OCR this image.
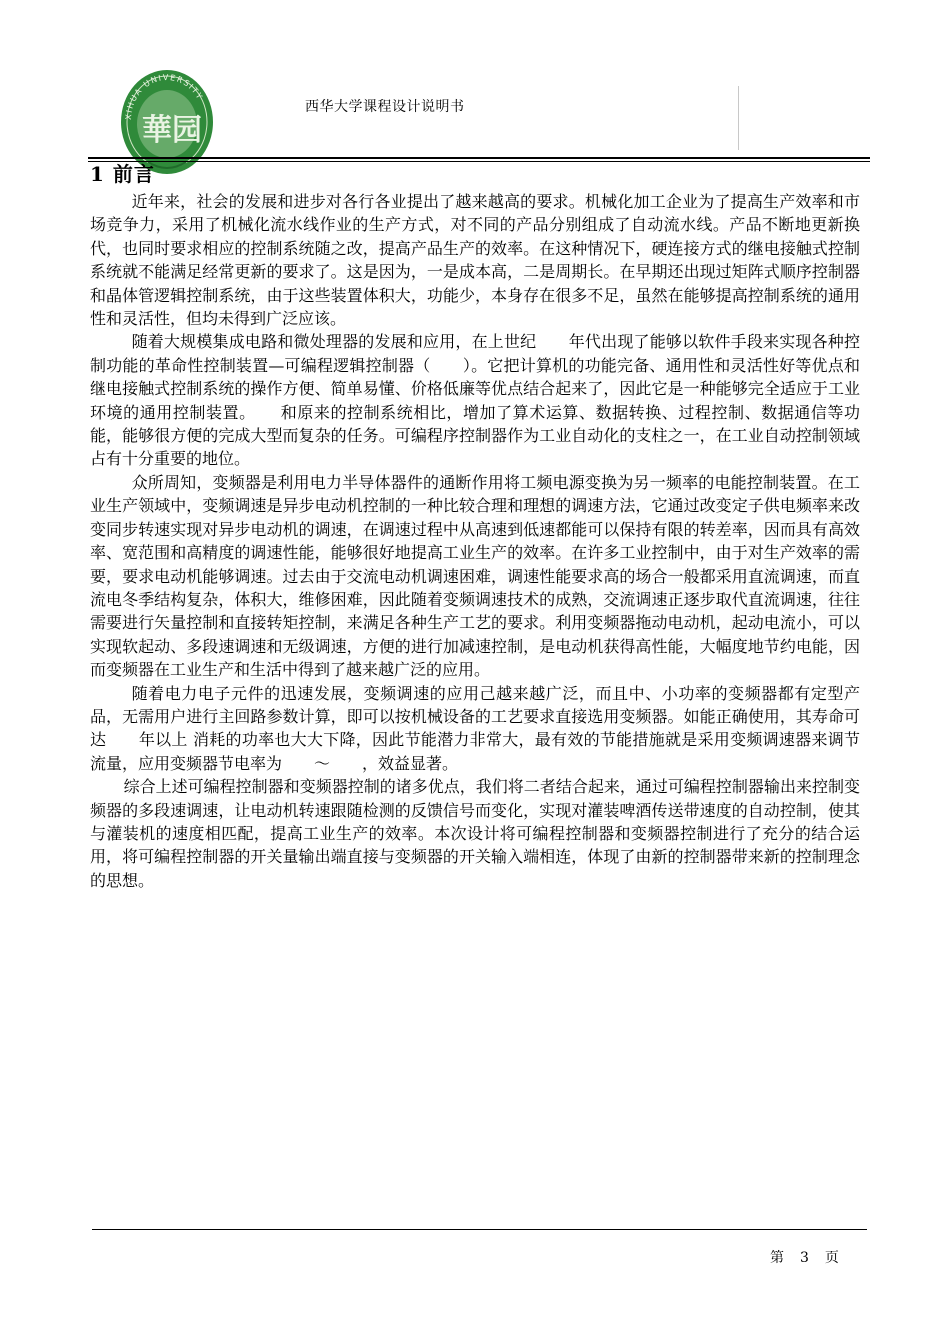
XIHUA UNIVERSITY
華园
西华大学课程设计说明书
1 前言

近年来，社会的发展和进步对各行各业提出了越来越高的要求。机械化加工企业为了提高生产效率和市场竞争力，采用了机械化流水线作业的生产方式，对不同的产品分别组成了自动流水线。产品不断地更新换代，也同时要求相应的控制系统随之改，提高产品生产的效率。在这种情况下，硬连接方式的继电接触式控制系统就不能满足经常更新的要求了。这是因为，一是成本高，二是周期长。在早期还出现过矩阵式顺序控制器和晶体管逻辑控制系统，由于这些装置体积大，功能少，本身存在很多不足，虽然在能够提高控制系统的通用性和灵活性，但均未得到广泛应该。

随着大规模集成电路和微处理器的发展和应用，在上世纪　　年代出现了能够以软件手段来实现各种控制功能的革命性控制装置—可编程逻辑控制器（　　）。它把计算机的功能完备、通用性和灵活性好等优点和继电接触式控制系统的操作方便、简单易懂、价格低廉等优点结合起来了，因此它是一种能够完全适应于工业环境的通用控制装置。　　和原来的控制系统相比，增加了算术运算、数据转换、过程控制、数据通信等功能，能够很方便的完成大型而复杂的任务。可编程序控制器作为工业自动化的支柱之一，在工业自动控制领域占有十分重要的地位。

众所周知，变频器是利用电力半导体器件的通断作用将工频电源变换为另一频率的电能控制装置。在工业生产领域中，变频调速是异步电动机控制的一种比较合理和理想的调速方法，它通过改变定子供电频率来改变同步转速实现对异步电动机的调速，在调速过程中从高速到低速都能可以保持有限的转差率，因而具有高效率、宽范围和高精度的调速性能，能够很好地提高工业生产的效率。在许多工业控制中，由于对生产效率的需要，要求电动机能够调速。过去由于交流电动机调速困难，调速性能要求高的场合一般都采用直流调速，而直流电冬季结构复杂，体积大，维修困难，因此随着变频调速技术的成熟，交流调速正逐步取代直流调速，往往需要进行矢量控制和直接转矩控制，来满足各种生产工艺的要求。利用变频器拖动电动机，起动电流小，可以实现软起动、多段速调速和无级调速，方便的进行加减速控制，是电动机获得高性能，大幅度地节约电能，因而变频器在工业生产和生活中得到了越来越广泛的应用。

随着电力电子元件的迅速发展，变频调速的应用己越来越广泛，而且中、小功率的变频器都有定型产品，无需用户进行主回路参数计算，即可以按机械设备的工艺要求直接选用变频器。如能正确使用，其寿命可达　　年以上 消耗的功率也大大下降，因此节能潜力非常大，最有效的节能措施就是采用变频调速器来调节流量，应用变频器节电率为　　～　　，效益显著。

综合上述可编程控制器和变频器控制的诸多优点，我们将二者结合起来，通过可编程控制器输出来控制变频器的多段速调速，让电动机转速跟随检测的反馈信号而变化，实现对灌装啤酒传送带速度的自动控制，使其与灌装机的速度相匹配，提高工业生产的效率。本次设计将可编程控制器和变频器控制进行了充分的结合运用，将可编程控制器的开关量输出端直接与变频器的开关输入端相连，体现了由新的控制器带来新的控制理念的思想。

第 3 页
